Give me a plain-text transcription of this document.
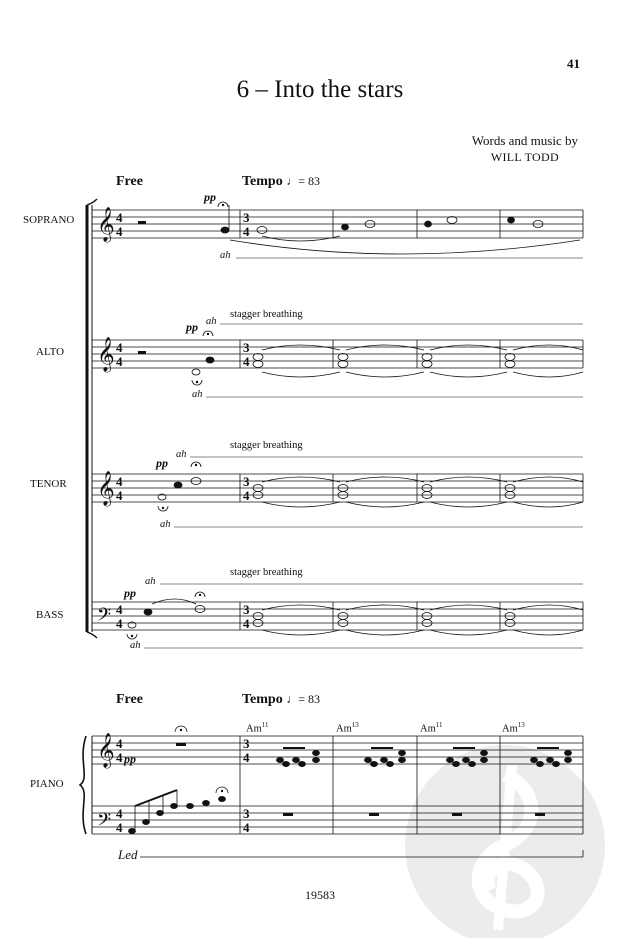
41
6 – Into the stars
Words and music by
WILL TODD
Free	Tempo ♩= 83
Free	Tempo ♩= 83
SOPRANO
ALTO
TENOR
BASS
PIANO
stagger breathing
stagger breathing
stagger breathing
pp
pp
pp
pp
pp
ah
ah
ah
ah
ah
ah
ah
Am$^{11}$	Am$^{13}$	Am$^{11}$	Am$^{13}$
Led
19583
𝄞
𝄞
𝄞
𝄢
𝄞
𝄢
4
4
4
4
4
4
4
4
4
4
4
4
3
4
3
4
3
4
3
4
3
4
3
4
